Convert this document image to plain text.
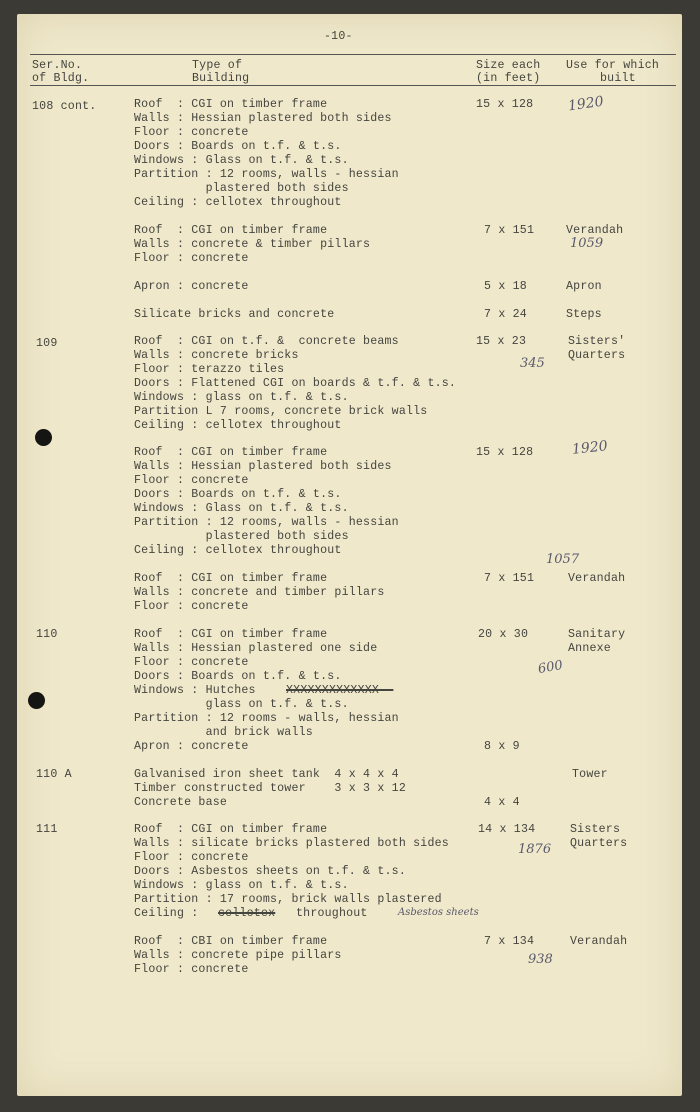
-10-
Ser.No.
of Bldg.
Type of
Building
Size each
(in feet)
Use for which
built
108 cont.
109
110
110 A
111
Roof  : CGI on timber frame
Walls : Hessian plastered both sides
Floor : concrete
Doors : Boards on t.f. & t.s.
Windows : Glass on t.f. & t.s.
Partition : 12 rooms, walls - hessian
plastered both sides
Ceiling : cellotex throughout
Roof  : CGI on timber frame
Walls : concrete & timber pillars
Floor : concrete
Apron : concrete
Silicate bricks and concrete
Roof  : CGI on t.f. &  concrete beams
Walls : concrete bricks
Floor : terazzo tiles
Doors : Flattened CGI on boards & t.f. & t.s.
Windows : glass on t.f. & t.s.
Partition L 7 rooms, concrete brick walls
Ceiling : cellotex throughout
Roof  : CGI on timber frame
Walls : Hessian plastered both sides
Floor : concrete
Doors : Boards on t.f. & t.s.
Windows : Glass on t.f. & t.s.
Partition : 12 rooms, walls - hessian
plastered both sides
Ceiling : cellotex throughout
Roof  : CGI on timber frame
Walls : concrete and timber pillars
Floor : concrete
Roof  : CGI on timber frame
Walls : Hessian plastered one side
Floor : concrete
Doors : Boards on t.f. & t.s.
Windows : Hutches	XXXXXXXXXXXXX -
glass on t.f. & t.s.
Partition : 12 rooms - walls, hessian
and brick walls
Apron : concrete
Galvanised iron sheet tank  4 x 4 x 4
Timber constructed tower    3 x 3 x 12
Concrete base
Roof  : CGI on timber frame
Walls : silicate bricks plastered both sides
Floor : concrete
Doors : Asbestos sheets on t.f. & t.s.
Windows : glass on t.f. & t.s.
Partition : 17 rooms, brick walls plastered
Ceiling : cellotex throughout
Roof  : CBI on timber frame
Walls : concrete pipe pillars
Floor : concrete
15 x 128
7 x 151
5 x 18
7 x 24
15 x 23
15 x 128
7 x 151
20 x 30
8 x 9
4 x 4
14 x 134
7 x 134
Verandah
Apron
Steps
Sisters'
Quarters
Verandah
Sanitary
Annexe
Tower
Sisters
Quarters
Verandah
1920
1059
345
1920
1057
600
1876
Asbestos sheets
938
